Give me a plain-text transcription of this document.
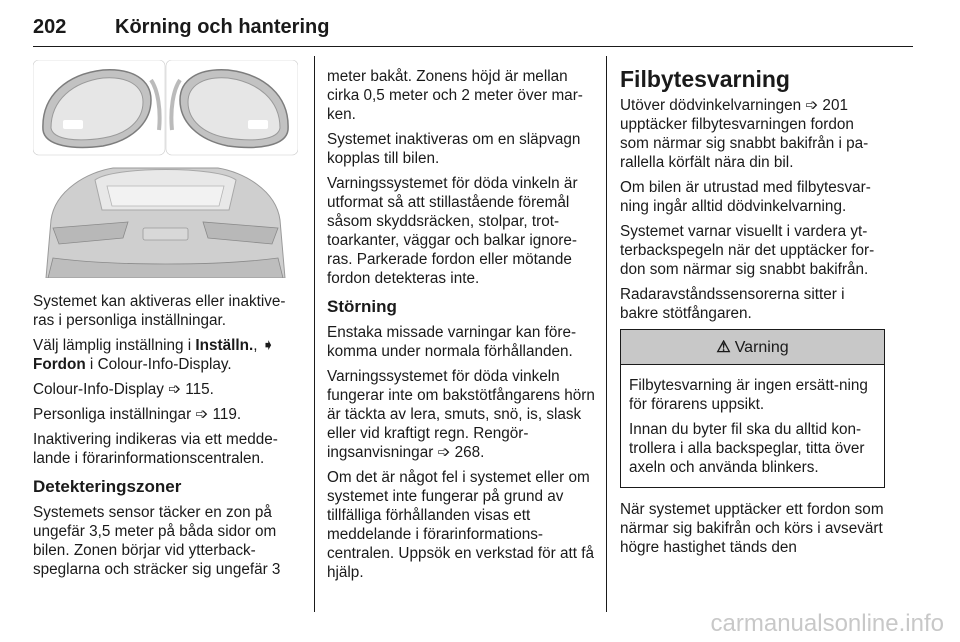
202 Körning och hantering

Systemet kan aktiveras eller inaktive-ras i personliga inställningar.

Välj lämplig inställning i Inställn., ➧ Fordon i Colour-Info-Display.

Colour-Info-Display ➩ 115.

Personliga inställningar ➩ 119.

Inaktivering indikeras via ett medde-lande i förarinformationscentralen.

Detekteringszoner

Systemets sensor täcker en zon på ungefär 3,5 meter på båda sidor om bilen. Zonen börjar vid ytterback-speglarna och sträcker sig ungefär 3

meter bakåt. Zonens höjd är mellan cirka 0,5 meter och 2 meter över mar-ken.

Systemet inaktiveras om en släpvagn kopplas till bilen.

Varningssystemet för döda vinkeln är utformat så att stillastående föremål såsom skyddsräcken, stolpar, trot-toarkanter, väggar och balkar ignore-ras. Parkerade fordon eller mötande fordon detekteras inte.

Störning

Enstaka missade varningar kan före-komma under normala förhållanden.

Varningssystemet för döda vinkeln fungerar inte om bakstötfångarens hörn är täckta av lera, smuts, snö, is, slask eller vid kraftigt regn. Rengör-ingsanvisningar ➩ 268.

Om det är något fel i systemet eller om systemet inte fungerar på grund av tillfälliga förhållanden visas ett meddelande i förarinformations-centralen. Uppsök en verkstad för att få hjälp.

Filbytesvarning

Utöver dödvinkelvarningen ➩ 201 upptäcker filbytesvarningen fordon som närmar sig snabbt bakifrån i pa-rallella körfält nära din bil.

Om bilen är utrustad med filbytesvar-ning ingår alltid dödvinkelvarning.

Systemet varnar visuellt i vardera yt-terbackspegeln när det upptäcker for-don som närmar sig snabbt bakifrån.

Radaravståndssensorerna sitter i bakre stötfångaren.

⚠ Varning

Filbytesvarning är ingen ersätt-ning för förarens uppsikt.

Innan du byter fil ska du alltid kon-trollera i alla backspeglar, titta över axeln och använda blinkers.

När systemet upptäcker ett fordon som närmar sig bakifrån och körs i avsevärt högre hastighet tänds den

carmanualsonline.info
